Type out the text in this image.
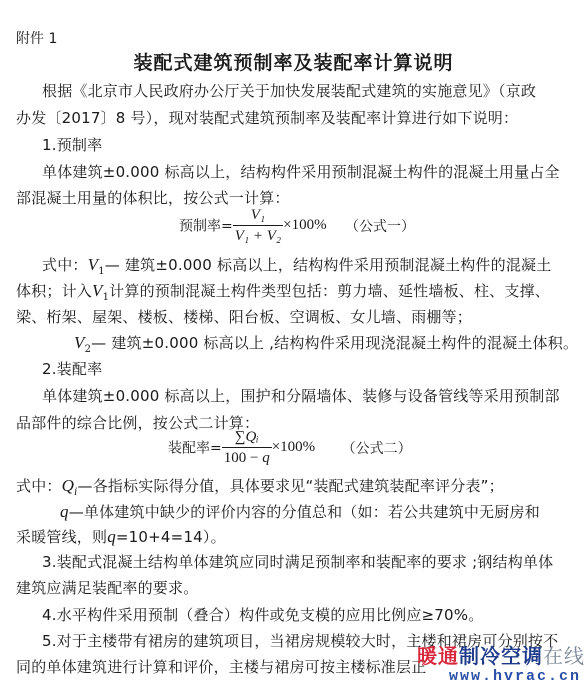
附件 1
装配式建筑预制率及装配率计算说明
根据《北京市人民政府办公厅关于加快发展装配式建筑的实施意见》（京政
办发〔2017〕8 号），现对装配式建筑预制率及装配率计算进行如下说明：
1.预制率
单体建筑±0.000 标高以上，结构构件采用预制混凝土构件的混凝土用量占全
部混凝土用量的体积比，按公式一计算：
预制率= $\frac{\text{V₁}}{\text{V₁ + V₂}} \times 100\%$ （公式一）
式中：$V_1—$ 建筑±0.000 标高以上，结构构件采用预制混凝土构件的混凝土
体积；计入$V_1$计算的预制混凝土构件类型包括：剪力墙、延性墙板、柱、支撑、
梁、桁架、屋架、楼板、楼梯、阳台板、空调板、女儿墙、雨棚等；
$V_2—$ 建筑±0.000 标高以上 ,结构构件采用现浇混凝土构件的混凝土体积。
2.装配率
单体建筑±0.000 标高以上，围护和分隔墙体、装修与设备管线等采用预制部
品部件的综合比例，按公式二计算：
装配率= $\frac{\text{∑Qᵢ}}{100 - q} \times 100\%$ （公式二）
式中：$Q_i—$各指标实际得分值，具体要求见“装配式建筑装配率评分表”；
q—单体建筑中缺少的评价内容的分值总和（如：若公共建筑中无厨房和
采暖管线，则q=10+4=14）。
3.装配式混凝土结构单体建筑应同时满足预制率和装配率的要求 ;钢结构单体
建筑应满足装配率的要求。
4.水平构件采用预制（叠合）构件或免支模的应用比例应≥70%。
5.对于主楼带有裙房的建筑项目，当裙房规模较大时，主楼和裙房可分别按不
同的单体建筑进行计算和评价，主楼与裙房可按主楼标准层正
暖通制冷空调在线
www.hvrac.cn
